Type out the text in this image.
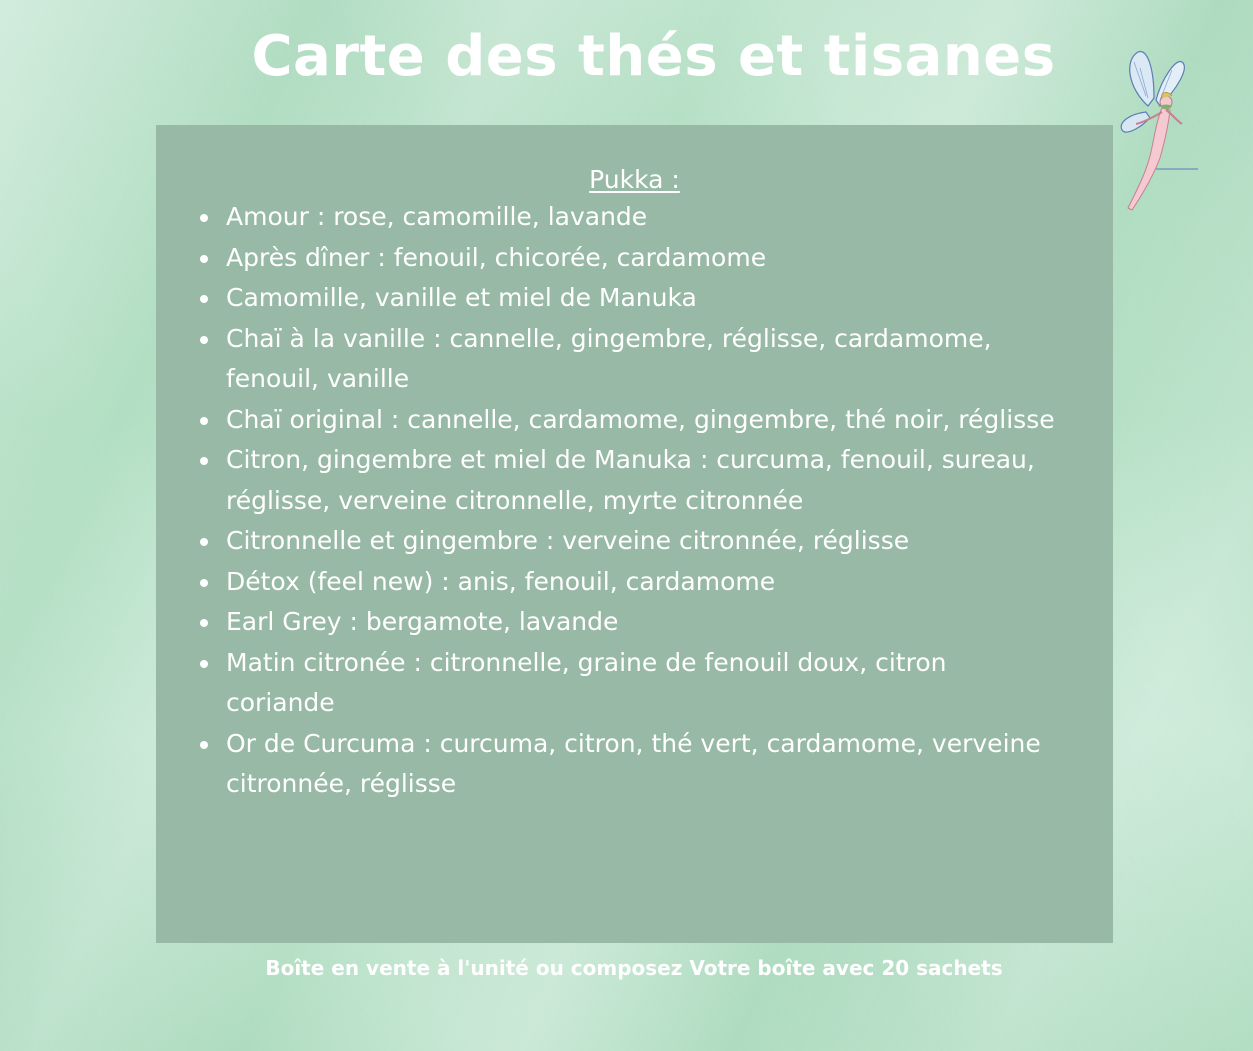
Carte des thés et tisanes

Pukka :

Amour : rose, camomille, lavande
Après dîner : fenouil, chicorée, cardamome
Camomille, vanille et miel de Manuka
Chaï à la vanille : cannelle, gingembre, réglisse, cardamome, fenouil, vanille
Chaï original : cannelle, cardamome, gingembre, thé noir, réglisse
Citron, gingembre et miel de Manuka : curcuma, fenouil, sureau, réglisse, verveine citronnelle, myrte citronnée
Citronnelle et gingembre : verveine citronnée, réglisse
Détox (feel new) : anis, fenouil, cardamome
Earl Grey : bergamote, lavande
Matin citronée : citronnelle, graine de fenouil doux, citron coriande
Or de Curcuma : curcuma, citron, thé vert, cardamome, verveine citronnée, réglisse

Boîte en vente à l'unité ou composez Votre boîte avec 20 sachets
